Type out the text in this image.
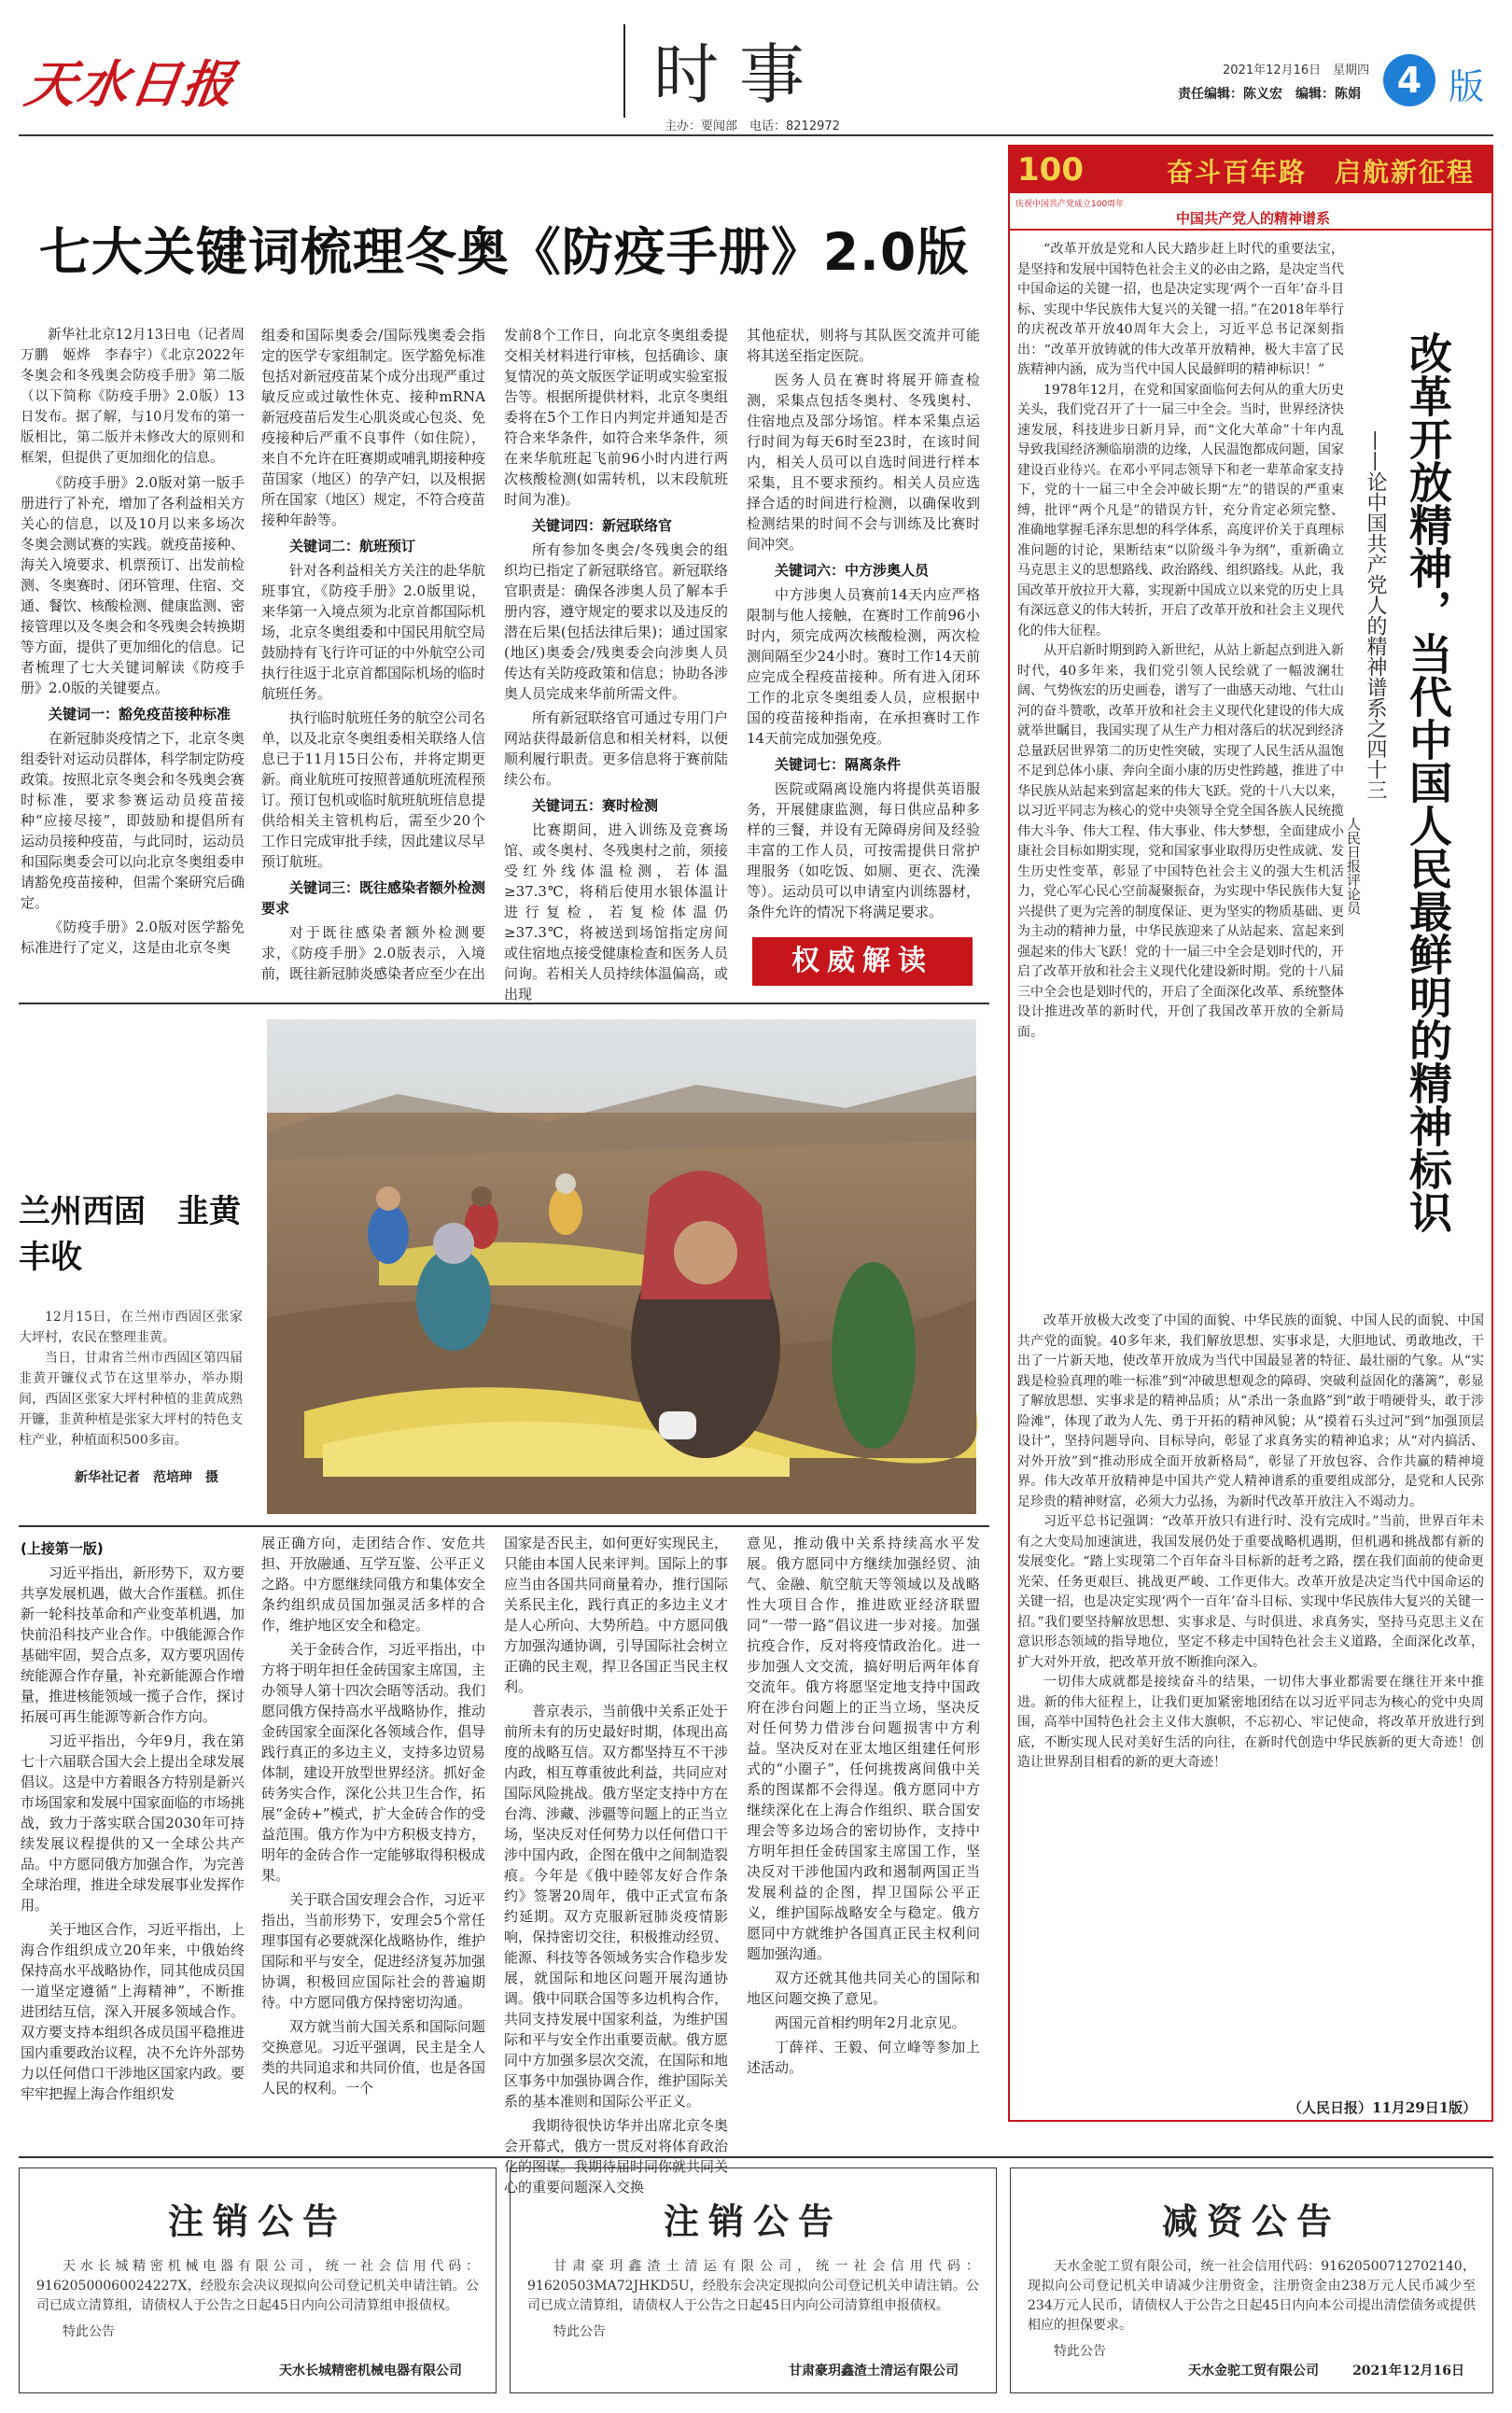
天水日报	时事
主办：要闻部　电话：8212972
2021年12月16日　星期四
责任编辑：陈义宏　编辑：陈娟	4 版
七大关键词梳理冬奥《防疫手册》2.0版

新华社北京12月13日电（记者周万鹏　姬烨　李春宇）《北京2022年冬奥会和冬残奥会防疫手册》第二版（以下简称《防疫手册》2.0版）13日发布。据了解，与10月发布的第一版相比，第二版并未修改大的原则和框架，但提供了更加细化的信息。

《防疫手册》2.0版对第一版手册进行了补充，增加了各利益相关方关心的信息，以及10月以来多场次冬奥会测试赛的实践。就疫苗接种、海关入境要求、机票预订、出发前检测、冬奥赛时、闭环管理、住宿、交通、餐饮、核酸检测、健康监测、密接管理以及冬奥会和冬残奥会转换期等方面，提供了更加细化的信息。记者梳理了七大关键词解读《防疫手册》2.0版的关键要点。

关键词一：豁免疫苗接种标准

在新冠肺炎疫情之下，北京冬奥组委针对运动员群体，科学制定防疫政策。按照北京冬奥会和冬残奥会赛时标准，要求参赛运动员疫苗接种“应接尽接”，即鼓励和提倡所有运动员接种疫苗，与此同时，运动员和国际奥委会可以向北京冬奥组委申请豁免疫苗接种，但需个案研究后确定。

《防疫手册》2.0版对医学豁免标准进行了定义，这是由北京冬奥

组委和国际奥委会/国际残奥委会指定的医学专家组制定。医学豁免标准包括对新冠疫苗某个成分出现严重过敏反应或过敏性休克、接种mRNA新冠疫苗后发生心肌炎或心包炎、免疫接种后严重不良事件（如住院），来自不允许在旺赛期或哺乳期接种疫苗国家（地区）的孕产妇，以及根据所在国家（地区）规定，不符合疫苗接种年龄等。

关键词二：航班预订

针对各利益相关方关注的赴华航班事宜，《防疫手册》2.0版里说，来华第一入境点须为北京首都国际机场，北京冬奥组委和中国民用航空局鼓励持有飞行许可证的中外航空公司执行往返于北京首都国际机场的临时航班任务。

执行临时航班任务的航空公司名单，以及北京冬奥组委相关联络人信息已于11月15日公布，并将定期更新。商业航班可按照普通航班流程预订。预订包机或临时航班航班信息提供给相关主管机构后，需至少20个工作日完成审批手续，因此建议尽早预订航班。

关键词三：既往感染者额外检测要求

对于既往感染者额外检测要求，《防疫手册》2.0版表示，入境前，既往新冠肺炎感染者应至少在出

发前8个工作日，向北京冬奥组委提交相关材料进行审核，包括确诊、康复情况的英文版医学证明或实验室报告等。根据所提供材料，北京冬奥组委将在5个工作日内判定并通知是否符合来华条件，如符合来华条件，须在来华航班起飞前96小时内进行两次核酸检测(如需转机，以末段航班时间为准)。

关键词四：新冠联络官

所有参加冬奥会/冬残奥会的组织均已指定了新冠联络官。新冠联络官职责是：确保各涉奥人员了解本手册内容，遵守规定的要求以及违反的潜在后果(包括法律后果)；通过国家(地区)奥委会/残奥委会向涉奥人员传达有关防疫政策和信息；协助各涉奥人员完成来华前所需文件。

所有新冠联络官可通过专用门户网站获得最新信息和相关材料，以便顺利履行职责。更多信息将于赛前陆续公布。

关键词五：赛时检测

比赛期间，进入训练及竞赛场馆、或冬奥村、冬残奥村之前，须接受红外线体温检测，若体温≥37.3℃，将稍后使用水银体温计进行复检，若复检体温仍≥37.3℃，将被送到场馆指定房间或住宿地点接受健康检查和医务人员问询。若相关人员持续体温偏高，或出现

其他症状，则将与其队医交流并可能将其送至指定医院。

医务人员在赛时将展开筛查检测，采集点包括冬奥村、冬残奥村、住宿地点及部分场馆。样本采集点运行时间为每天6时至23时，在该时间内，相关人员可以自选时间进行样本采集，且不要求预约。相关人员应选择合适的时间进行检测，以确保收到检测结果的时间不会与训练及比赛时间冲突。

关键词六：中方涉奥人员

中方涉奥人员赛前14天内应严格限制与他人接触，在赛时工作前96小时内，须完成两次核酸检测，两次检测间隔至少24小时。赛时工作14天前应完成全程疫苗接种。所有进入闭环工作的北京冬奥组委人员，应根据中国的疫苗接种指南，在承担赛时工作14天前完成加强免疫。

关键词七：隔离条件

医院或隔离设施内将提供英语服务，开展健康监测，每日供应品种多样的三餐，并设有无障碍房间及经验丰富的工作人员，可按需提供日常护理服务（如吃饭、如厕、更衣、洗澡等）。运动员可以申请室内训练器材，条件允许的情况下将满足要求。

权威解读
兰州西固　韭黄丰收

12月15日，在兰州市西固区张家大坪村，农民在整理韭黄。

当日，甘肃省兰州市西固区第四届韭黄开镰仪式节在这里举办，举办期间，西固区张家大坪村种植的韭黄成熟开镰，韭黄种植是张家大坪村的特色支柱产业，种植面积500多亩。

新华社记者　范培珅　摄
(上接第一版)

习近平指出，新形势下，双方要共享发展机遇，做大合作蛋糕。抓住新一轮科技革命和产业变革机遇，加快前沿科技产业合作。中俄能源合作基础牢固，契合点多，双方要巩固传统能源合作存量，补充新能源合作增量，推进核能领域一揽子合作，探讨拓展可再生能源等新合作方向。

习近平指出，今年9月，我在第七十六届联合国大会上提出全球发展倡议。这是中方着眼各方特别是新兴市场国家和发展中国家面临的市场挑战，致力于落实联合国2030年可持续发展议程提供的又一全球公共产品。中方愿同俄方加强合作，为完善全球治理，推进全球发展事业发挥作用。

关于地区合作，习近平指出，上海合作组织成立20年来，中俄始终保持高水平战略协作，同其他成员国一道坚定遵循“上海精神”，不断推进团结互信，深入开展多领域合作。双方要支持本组织各成员国平稳推进国内重要政治议程，决不允许外部势力以任何借口干涉地区国家内政。要牢牢把握上海合作组织发

展正确方向，走团结合作、安危共担、开放融通、互学互鉴、公平正义之路。中方愿继续同俄方和集体安全条约组织成员国加强灵活多样的合作，维护地区安全和稳定。

关于金砖合作，习近平指出，中方将于明年担任金砖国家主席国，主办领导人第十四次会晤等活动。我们愿同俄方保持高水平战略协作，推动金砖国家全面深化各领域合作，倡导践行真正的多边主义，支持多边贸易体制，建设开放型世界经济。抓好金砖务实合作，深化公共卫生合作，拓展“金砖+”模式，扩大金砖合作的受益范围。俄方作为中方积极支持方，明年的金砖合作一定能够取得积极成果。

关于联合国安理会合作，习近平指出，当前形势下，安理会5个常任理事国有必要就深化战略协作，维护国际和平与安全，促进经济复苏加强协调，积极回应国际社会的普遍期待。中方愿同俄方保持密切沟通。

双方就当前大国关系和国际问题交换意见。习近平强调，民主是全人类的共同追求和共同价值，也是各国人民的权利。一个

国家是否民主，如何更好实现民主，只能由本国人民来评判。国际上的事应当由各国共同商量着办，推行国际关系民主化，践行真正的多边主义才是人心所向、大势所趋。中方愿同俄方加强沟通协调，引导国际社会树立正确的民主观，捍卫各国正当民主权利。

普京表示，当前俄中关系正处于前所未有的历史最好时期，体现出高度的战略互信。双方都坚持互不干涉内政，相互尊重彼此利益，共同应对国际风险挑战。俄方坚定支持中方在台湾、涉藏、涉疆等问题上的正当立场，坚决反对任何势力以任何借口干涉中国内政，企图在俄中之间制造裂痕。今年是《俄中睦邻友好合作条约》签署20周年，俄中正式宣布条约延期。双方克服新冠肺炎疫情影响，保持密切交往，积极推动经贸、能源、科技等各领域务实合作稳步发展，就国际和地区问题开展沟通协调。俄中同联合国等多边机构合作，共同支持发展中国家利益，为维护国际和平与安全作出重要贡献。俄方愿同中方加强多层次交流，在国际和地区事务中加强协调合作，维护国际关系的基本准则和国际公平正义。

我期待很快访华并出席北京冬奥会开幕式，俄方一贯反对将体育政治化的图谋。我期待届时同你就共同关心的重要问题深入交换

意见，推动俄中关系持续高水平发展。俄方愿同中方继续加强经贸、油气、金融、航空航天等领域以及战略性大项目合作，推进欧亚经济联盟同“一带一路”倡议进一步对接。加强抗疫合作，反对将疫情政治化。进一步加强人文交流，搞好明后两年体育交流年。俄方将愿坚定地支持中国政府在涉台问题上的正当立场，坚决反对任何势力借涉台问题损害中方利益。坚决反对在亚太地区组建任何形式的“小圈子”，任何挑拨离间俄中关系的图谋都不会得逞。俄方愿同中方继续深化在上海合作组织、联合国安理会等多边场合的密切协作，支持中方明年担任金砖国家主席国工作，坚决反对干涉他国内政和遏制两国正当发展利益的企图，捍卫国际公平正义，维护国际战略安全与稳定。俄方愿同中方就维护各国真正民主权利问题加强沟通。

双方还就其他共同关心的国际和地区问题交换了意见。

两国元首相约明年2月北京见。

丁薛祥、王毅、何立峰等参加上述活动。

100	奋斗百年路　启航新征程
庆祝中国共产党成立100周年
中国共产党人的精神谱系

“改革开放是党和人民大踏步赶上时代的重要法宝，是坚持和发展中国特色社会主义的必由之路，是决定当代中国命运的关键一招，也是决定实现‘两个一百年’奋斗目标、实现中华民族伟大复兴的关键一招。”在2018年举行的庆祝改革开放40周年大会上，习近平总书记深刻指出：“改革开放铸就的伟大改革开放精神，极大丰富了民族精神内涵，成为当代中国人民最鲜明的精神标识！”

1978年12月，在党和国家面临何去何从的重大历史关头，我们党召开了十一届三中全会。当时，世界经济快速发展，科技进步日新月异，而“文化大革命”十年内乱导致我国经济濒临崩溃的边缘，人民温饱都成问题，国家建设百业待兴。在邓小平同志领导下和老一辈革命家支持下，党的十一届三中全会冲破长期“左”的错误的严重束缚，批评“两个凡是”的错误方针，充分肯定必须完整、准确地掌握毛泽东思想的科学体系，高度评价关于真理标准问题的讨论，果断结束“以阶级斗争为纲”，重新确立马克思主义的思想路线、政治路线、组织路线。从此，我国改革开放拉开大幕，实现新中国成立以来党的历史上具有深远意义的伟大转折，开启了改革开放和社会主义现代化的伟大征程。

从开启新时期到跨入新世纪，从站上新起点到进入新时代，40多年来，我们党引领人民绘就了一幅波澜壮阔、气势恢宏的历史画卷，谱写了一曲感天动地、气壮山河的奋斗赞歌，改革开放和社会主义现代化建设的伟大成就举世瞩目，我国实现了从生产力相对落后的状况到经济总量跃居世界第二的历史性突破，实现了人民生活从温饱不足到总体小康、奔向全面小康的历史性跨越，推进了中华民族从站起来到富起来的伟大飞跃。党的十八大以来，以习近平同志为核心的党中央领导全党全国各族人民统揽伟大斗争、伟大工程、伟大事业、伟大梦想，全面建成小康社会目标如期实现，党和国家事业取得历史性成就、发生历史性变革，彰显了中国特色社会主义的强大生机活力，党心军心民心空前凝聚振奋，为实现中华民族伟大复兴提供了更为完善的制度保证、更为坚实的物质基础、更为主动的精神力量，中华民族迎来了从站起来、富起来到强起来的伟大飞跃！党的十一届三中全会是划时代的，开启了改革开放和社会主义现代化建设新时期。党的十八届三中全会也是划时代的，开启了全面深化改革、系统整体设计推进改革的新时代，开创了我国改革开放的全新局面。	改革开放精神，当代中国人民最鲜明的精神标识
——论中国共产党人的精神谱系之四十三
人民日报评论员

改革开放极大改变了中国的面貌、中华民族的面貌、中国人民的面貌、中国共产党的面貌。40多年来，我们解放思想、实事求是，大胆地试、勇敢地改，干出了一片新天地，使改革开放成为当代中国最显著的特征、最壮丽的气象。从“实践是检验真理的唯一标准”到“冲破思想观念的障碍、突破利益固化的藩篱”，彰显了解放思想、实事求是的精神品质；从“杀出一条血路”到“敢于啃硬骨头，敢于涉险滩”，体现了敢为人先、勇于开拓的精神风貌；从“摸着石头过河”到“加强顶层设计”，坚持问题导向、目标导向，彰显了求真务实的精神追求；从“对内搞活、对外开放”到“推动形成全面开放新格局”，彰显了开放包容、合作共赢的精神境界。伟大改革开放精神是中国共产党人精神谱系的重要组成部分，是党和人民弥足珍贵的精神财富，必须大力弘扬，为新时代改革开放注入不竭动力。

习近平总书记强调：“改革开放只有进行时、没有完成时。”当前，世界百年未有之大变局加速演进，我国发展仍处于重要战略机遇期，但机遇和挑战都有新的发展变化。“踏上实现第二个百年奋斗目标新的赶考之路，摆在我们面前的使命更光荣、任务更艰巨、挑战更严峻、工作更伟大。改革开放是决定当代中国命运的关键一招，也是决定实现‘两个一百年’奋斗目标、实现中华民族伟大复兴的关键一招。”我们要坚持解放思想、实事求是、与时俱进、求真务实，坚持马克思主义在意识形态领域的指导地位，坚定不移走中国特色社会主义道路，全面深化改革，扩大对外开放，把改革开放不断推向深入。

一切伟大成就都是接续奋斗的结果，一切伟大事业都需要在继往开来中推进。新的伟大征程上，让我们更加紧密地团结在以习近平同志为核心的党中央周围，高举中国特色社会主义伟大旗帜，不忘初心、牢记使命，将改革开放进行到底，不断实现人民对美好生活的向往，在新时代创造中华民族新的更大奇迹！创造让世界刮目相看的新的更大奇迹！

（人民日报）11月29日1版）
注销公告
天水长城精密机械电器有限公司，统一社会信用代码：91620500060024227X，经股东会决议现拟向公司登记机关申请注销。公司已成立清算组，请债权人于公告之日起45日内向公司清算组申报债权。
特此公告
天水长城精密机械电器有限公司
注销公告
甘肃豪玥鑫渣土清运有限公司，统一社会信用代码：91620503MA72JHKD5U，经股东会决定现拟向公司登记机关申请注销。公司已成立清算组，请债权人于公告之日起45日内向公司清算组申报债权。
特此公告
甘肃豪玥鑫渣土清运有限公司
减资公告
天水金驼工贸有限公司，统一社会信用代码：91620500712702140，现拟向公司登记机关申请减少注册资金，注册资金由238万元人民币减少至234万元人民币，请债权人于公告之日起45日内向本公司提出清偿债务或提供相应的担保要求。
特此公告
天水金驼工贸有限公司	2021年12月16日
